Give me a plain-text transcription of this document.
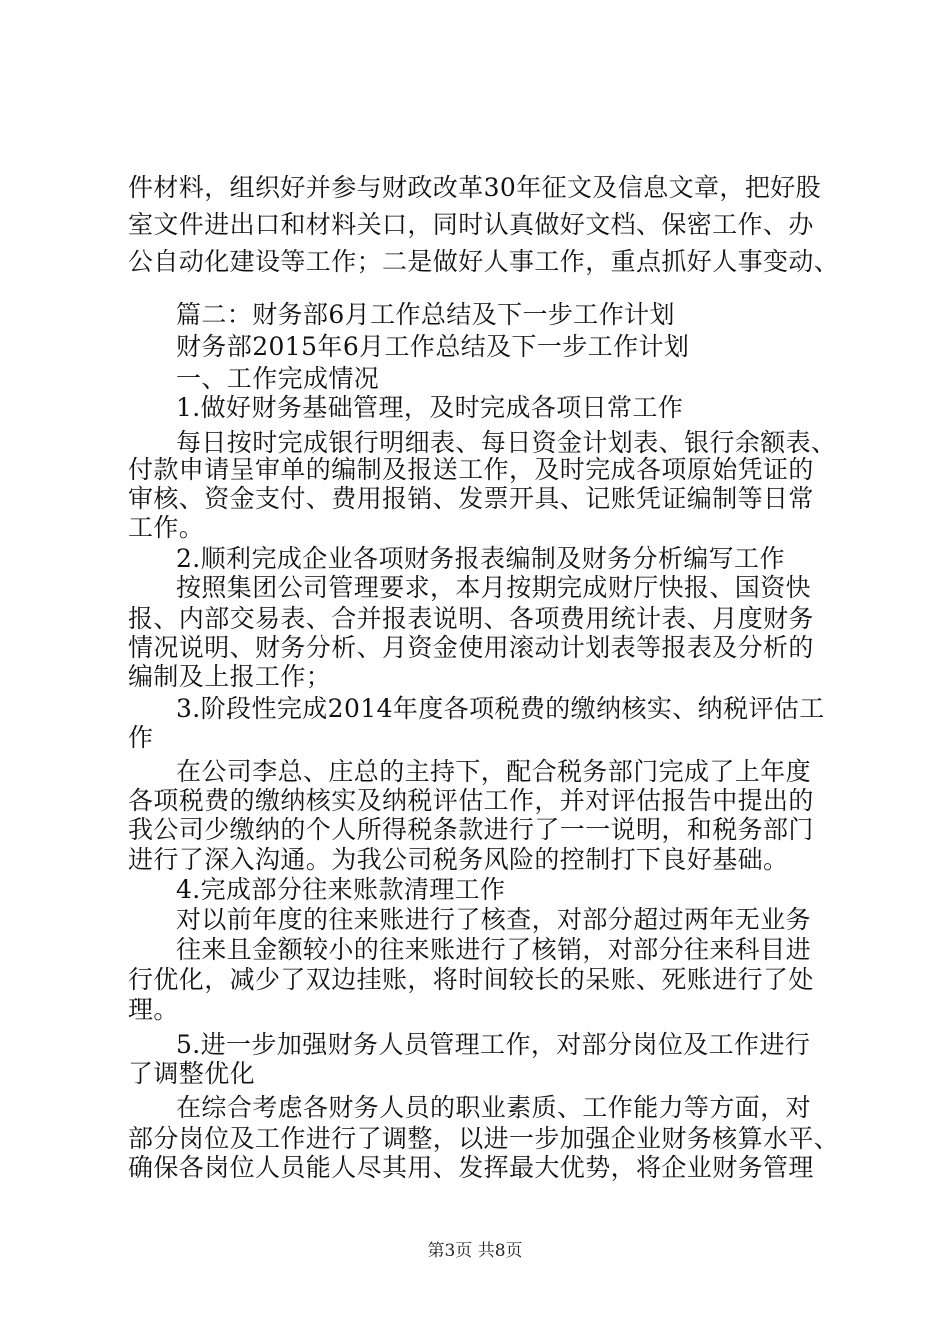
件材料，组织好并参与财政改革30年征文及信息文章，把好股
室文件进出口和材料关口，同时认真做好文档、保密工作、办
公自动化建设等工作；二是做好人事工作，重点抓好人事变动、
篇二：财务部6月工作总结及下一步工作计划
财务部2015年6月工作总结及下一步工作计划
一、工作完成情况
1.做好财务基础管理，及时完成各项日常工作
每日按时完成银行明细表、每日资金计划表、银行余额表、
付款申请呈审单的编制及报送工作，及时完成各项原始凭证的
审核、资金支付、费用报销、发票开具、记账凭证编制等日常
工作。
2.顺利完成企业各项财务报表编制及财务分析编写工作
按照集团公司管理要求，本月按期完成财厅快报、国资快
报、内部交易表、合并报表说明、各项费用统计表、月度财务
情况说明、财务分析、月资金使用滚动计划表等报表及分析的
编制及上报工作；
3.阶段性完成2014年度各项税费的缴纳核实、纳税评估工
作
在公司李总、庄总的主持下，配合税务部门完成了上年度
各项税费的缴纳核实及纳税评估工作，并对评估报告中提出的
我公司少缴纳的个人所得税条款进行了一一说明，和税务部门
进行了深入沟通。为我公司税务风险的控制打下良好基础。
4.完成部分往来账款清理工作
对以前年度的往来账进行了核查，对部分超过两年无业务
往来且金额较小的往来账进行了核销，对部分往来科目进
行优化，减少了双边挂账，将时间较长的呆账、死账进行了处
理。
5.进一步加强财务人员管理工作，对部分岗位及工作进行
了调整优化
在综合考虑各财务人员的职业素质、工作能力等方面，对
部分岗位及工作进行了调整，以进一步加强企业财务核算水平、
确保各岗位人员能人尽其用、发挥最大优势，将企业财务管理
第3页 共8页
